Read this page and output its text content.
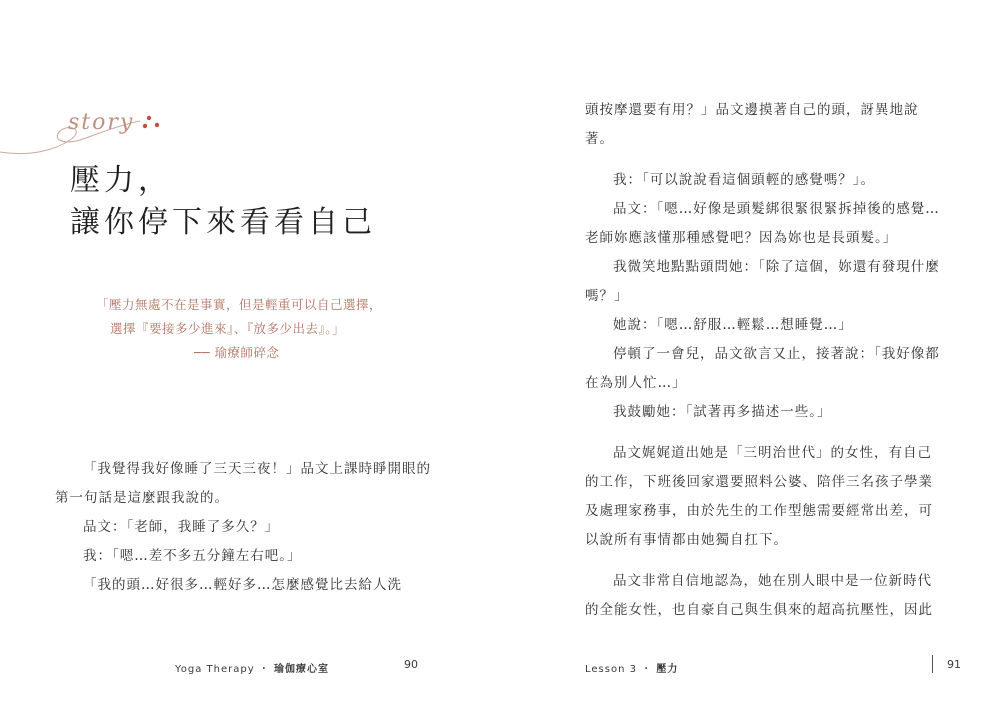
story
壓力，
讓你停下來看看自己
「壓力無處不在是事實，但是輕重可以自己選擇，
選擇『要接多少進來』、『放多少出去』。」
── 瑜療師碎念

「我覺得我好像睡了三天三夜！」品文上課時睜開眼的第一句話是這麼跟我說的。

品文：「老師，我睡了多久？」

我：「嗯…差不多五分鐘左右吧。」

「我的頭…好很多…輕好多…怎麼感覺比去給人洗

Yoga Therapy ・ 瑜伽療心室	90

頭按摩還要有用？」品文邊摸著自己的頭，訝異地說著。

我：「可以說說看這個頭輕的感覺嗎？」。

品文：「嗯…好像是頭髮綁很緊很緊拆掉後的感覺…老師妳應該懂那種感覺吧？因為妳也是長頭髮。」

我微笑地點點頭問她：「除了這個，妳還有發現什麼嗎？」

她說：「嗯…舒服…輕鬆…想睡覺…」

停頓了一會兒，品文欲言又止，接著說：「我好像都在為別人忙…」

我鼓勵她：「試著再多描述一些。」

品文娓娓道出她是「三明治世代」的女性，有自己的工作，下班後回家還要照料公婆、陪伴三名孩子學業及處理家務事，由於先生的工作型態需要經常出差，可以說所有事情都由她獨自扛下。

品文非常自信地認為，她在別人眼中是一位新時代的全能女性，也自豪自己與生俱來的超高抗壓性，因此

Lesson 3 ・ 壓力	91
